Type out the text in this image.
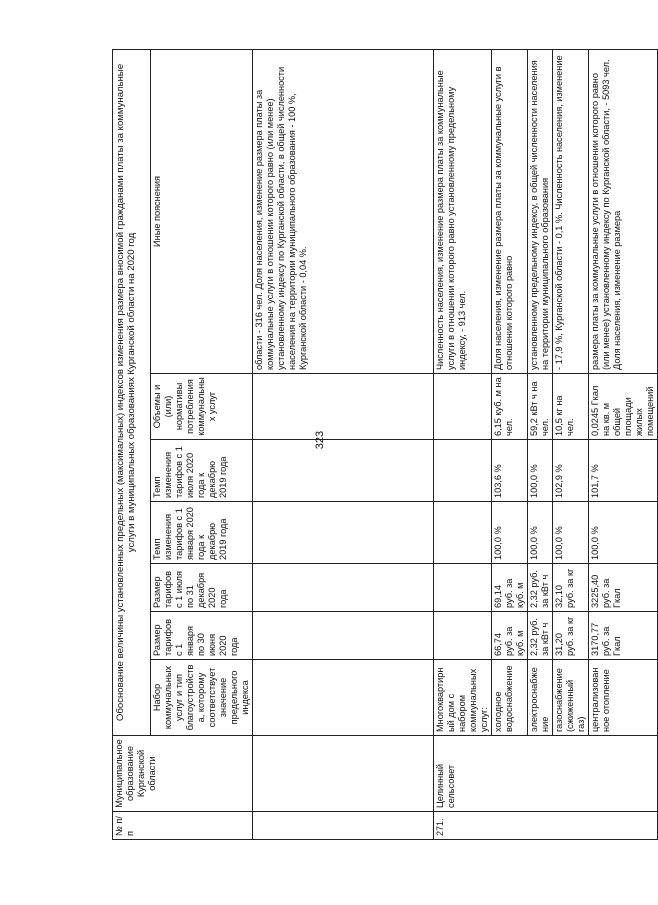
323
№ п/п	Муниципальное образование Курганской области	Обоснование величины установленных предельных (максимальных) индексов изменения размера вносимой гражданами платы за коммунальные услуги в муниципальных образованиях Курганской области на 2020 год						
		Набор коммунальных услуг и тип благоустройства, которому соответствует значение предельного индекса	Размер тарифов с 1 января по 30 июня 2020 года	Размер тарифов с 1 июля по 31 декабря 2020 года	Темп изменения тарифов с 1 января 2020 года к декабрю 2019 года	Темп изменения тарифов с 1 июля 2020 года к декабрю 2019 года	Объемы и (или) нормативы потребления коммунальных услуг	Иные пояснения
								области - 316 чел. Доля населения, изменение размера платы за коммунальные услуги в отношении которого равно (или менее) установленному индексу по Курганской области, в общей численности населения на территории муниципального образования - 100 %, Курганской области - 0,04 %.
271.	Целинный сельсовет	Многоквартирный дом с набором коммунальных услуг:						Численность населения, изменение размера платы за коммунальные услуги в отношении которого равно установленному предельному индексу, - 913 чел.
		холодное водоснабжение	66,74 руб. за куб. м	69,14 руб. за куб. м	100,0 %	103,6 %	6,15 куб. м на чел.	Доля населения, изменение размера платы за коммунальные услуги в отношении которого равно
		электроснабжение	2,32 руб. за кВт ч	2,32 руб. за кВт ч	100,0 %	100,0 %	59,2 кВт ч на чел.	установленному предельному индексу, в общей численности населения на территории муниципального образования
		газоснабжение (сжиженный газ)	31,20 руб. за кг	32,10 руб. за кг	100,0 %	102,9 %	10,5 кг на чел.	- 17,9 %, Курганской области - 0,1 %. Численность населения, изменение
		централизованное отопление	3170,77 руб. за Гкал	3225,40 руб. за Гкал	100,0 %	101,7 %	0,0245 Гкал на кв. м общей площади жилых помещений	размера платы за коммунальные услуги в отношении которого равно (или менее) установленному индексу по Курганской области, - 5093 чел. Доля населения, изменение размера
